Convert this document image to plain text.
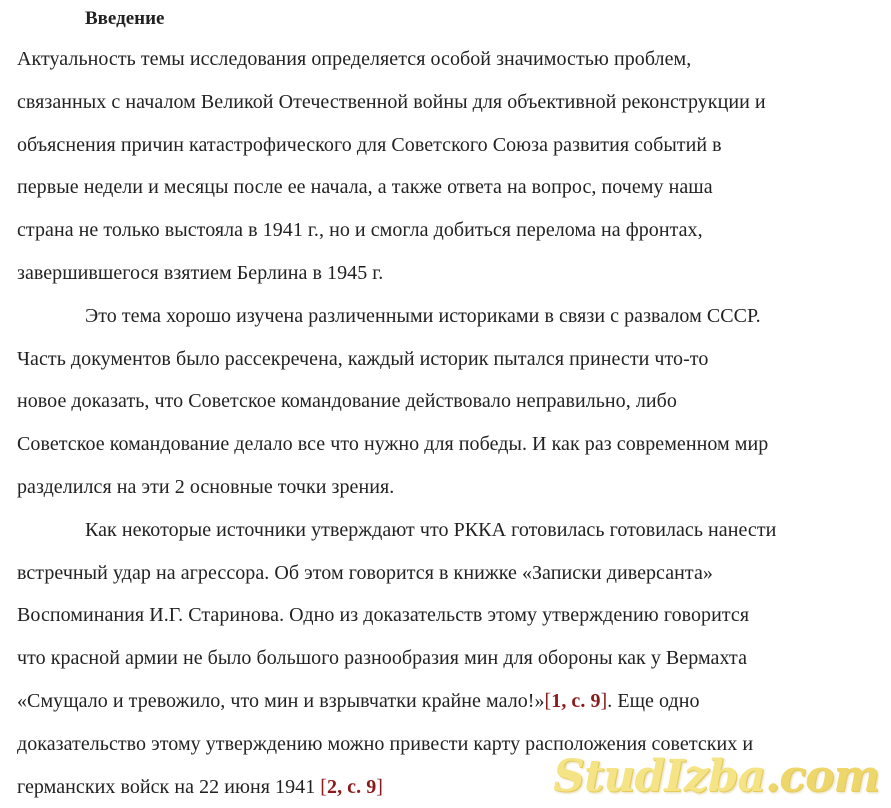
Введение

Актуальность темы исследования определяется особой значимостью проблем,
связанных с началом Великой Отечественной войны для объективной реконструкции и
объяснения причин катастрофического для Советского Союза развития событий в
первые недели и месяцы после ее начала, а также ответа на вопрос, почему наша
страна не только выстояла в 1941 г., но и смогла добиться перелома на фронтах,
завершившегося взятием Берлина в 1945 г.

Это тема хорошо изучена различенными историками в связи с развалом СССР.
Часть документов было рассекречена, каждый историк пытался принести что-то
новое доказать, что Советское командование действовало неправильно, либо
Советское командование делало все что нужно для победы. И как раз современном мир
разделился на эти 2 основные точки зрения.

Как некоторые источники утверждают что РККА готовилась готовилась нанести
встречный удар на агрессора. Об этом говорится в книжке «Записки диверсанта»
Воспоминания И.Г. Старинова. Одно из доказательств этому утверждению говорится
что красной армии не было большого разнообразия мин для обороны как у Вермахта
«Смущало и тревожило, что мин и взрывчатки крайне мало!»[1, с. 9]. Еще одно
доказательство этому утверждению можно привести карту расположения советских и
германских войск на 22 июня 1941 [2, с. 9]	StudIzba.com
